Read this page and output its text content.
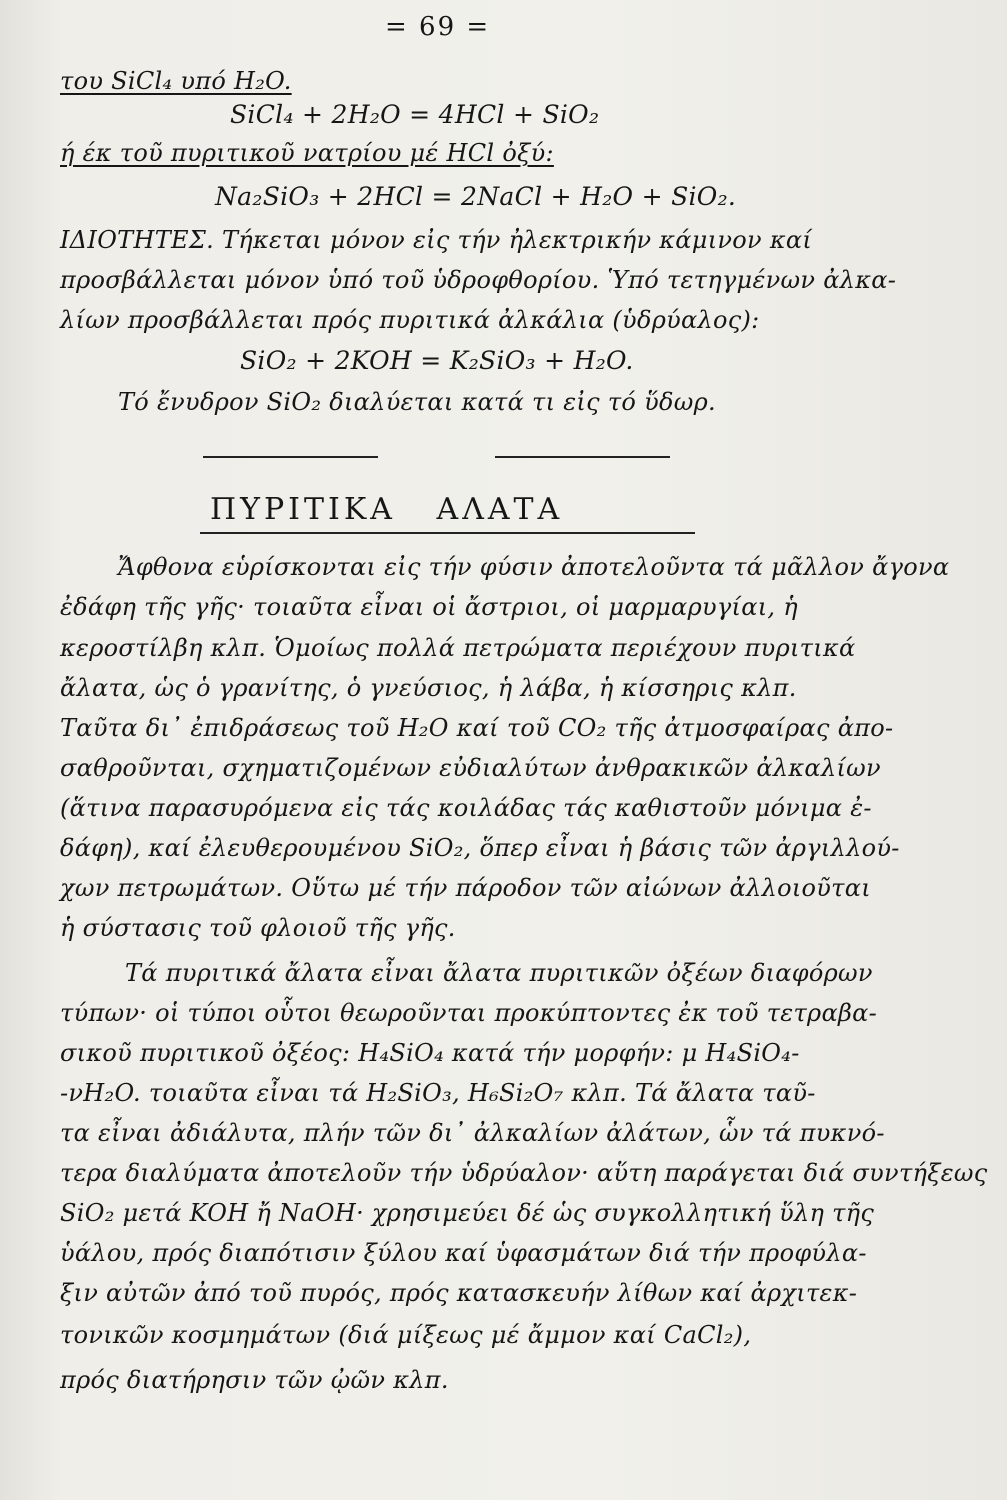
= 69 =
του SiCl₄ υπό H₂O.
SiCl₄ + 2H₂O = 4HCl + SiO₂
ή έκ τοῦ πυριτικοῦ νατρίου μέ HCl ὀξύ:
Na₂SiO₃ + 2HCl = 2NaCl + H₂O + SiO₂.
ΙΔΙΟΤΗΤΕΣ. Τήκεται μόνον εἰς τήν ἠλεκτρικήν κάμινον καί
προσβάλλεται μόνον ὑπό τοῦ ὑδροφθορίου. Ὑπό τετηγμένων ἀλκα-
λίων προσβάλλεται πρός πυριτικά ἀλκάλια (ὑδρύαλος):
SiO₂ + 2KOH = K₂SiO₃ + H₂O.
Τό ἔνυδρον SiO₂ διαλύεται κατά τι εἰς τό ὕδωρ.
ΠΥΡΙΤΙΚΑ   ΑΛΑΤΑ
Ἄφθονα εὑρίσκονται εἰς τήν φύσιν ἀποτελοῦντα τά μᾶλλον ἄγονα
ἐδάφη τῆς γῆς· τοιαῦτα εἶναι οἱ ἄστριοι, οἱ μαρμαρυγίαι, ἡ
κεροστίλβη κλπ. Ὁμοίως πολλά πετρώματα περιέχουν πυριτικά
ἄλατα, ὡς ὁ γρανίτης, ὁ γνεύσιος, ἡ λάβα, ἡ κίσσηρις κλπ.
Ταῦτα δι᾽ ἐπιδράσεως τοῦ H₂O καί τοῦ CO₂ τῆς ἀτμοσφαίρας ἀπο-
σαθροῦνται, σχηματιζομένων εὐδιαλύτων ἀνθρακικῶν ἀλκαλίων
(ἅτινα παρασυρόμενα εἰς τάς κοιλάδας τάς καθιστοῦν μόνιμα ἐ-
δάφη), καί ἐλευθερουμένου SiO₂, ὅπερ εἶναι ἡ βάσις τῶν ἀργιλλού-
χων πετρωμάτων. Οὕτω μέ τήν πάροδον τῶν αἰώνων ἀλλοιοῦται
ἡ σύστασις τοῦ φλοιοῦ τῆς γῆς.
Τά πυριτικά ἄλατα εἶναι ἄλατα πυριτικῶν ὀξέων διαφόρων
τύπων· οἱ τύποι οὗτοι θεωροῦνται προκύπτοντες ἐκ τοῦ τετραβα-
σικοῦ πυριτικοῦ ὀξέος: H₄SiO₄ κατά τήν μορφήν: μ H₄SiO₄-
-νH₂O. τοιαῦτα εἶναι τά H₂SiO₃, H₆Si₂O₇ κλπ. Τά ἄλατα ταῦ-
τα εἶναι ἀδιάλυτα, πλήν τῶν δι᾽ ἀλκαλίων ἀλάτων, ὧν τά πυκνό-
τερα διαλύματα ἀποτελοῦν τήν ὑδρύαλον· αὕτη παράγεται διά συντήξεως
SiO₂ μετά KOH ἤ NaOH· χρησιμεύει δέ ὡς συγκολλητική ὕλη τῆς
ὑάλου, πρός διαπότισιν ξύλου καί ὑφασμάτων διά τήν προφύλα-
ξιν αὐτῶν ἀπό τοῦ πυρός, πρός κατασκευήν λίθων καί ἀρχιτεκ-
τονικῶν κοσμημάτων (διά μίξεως μέ ἄμμον καί CaCl₂),
πρός διατήρησιν τῶν ᾠῶν κλπ.
